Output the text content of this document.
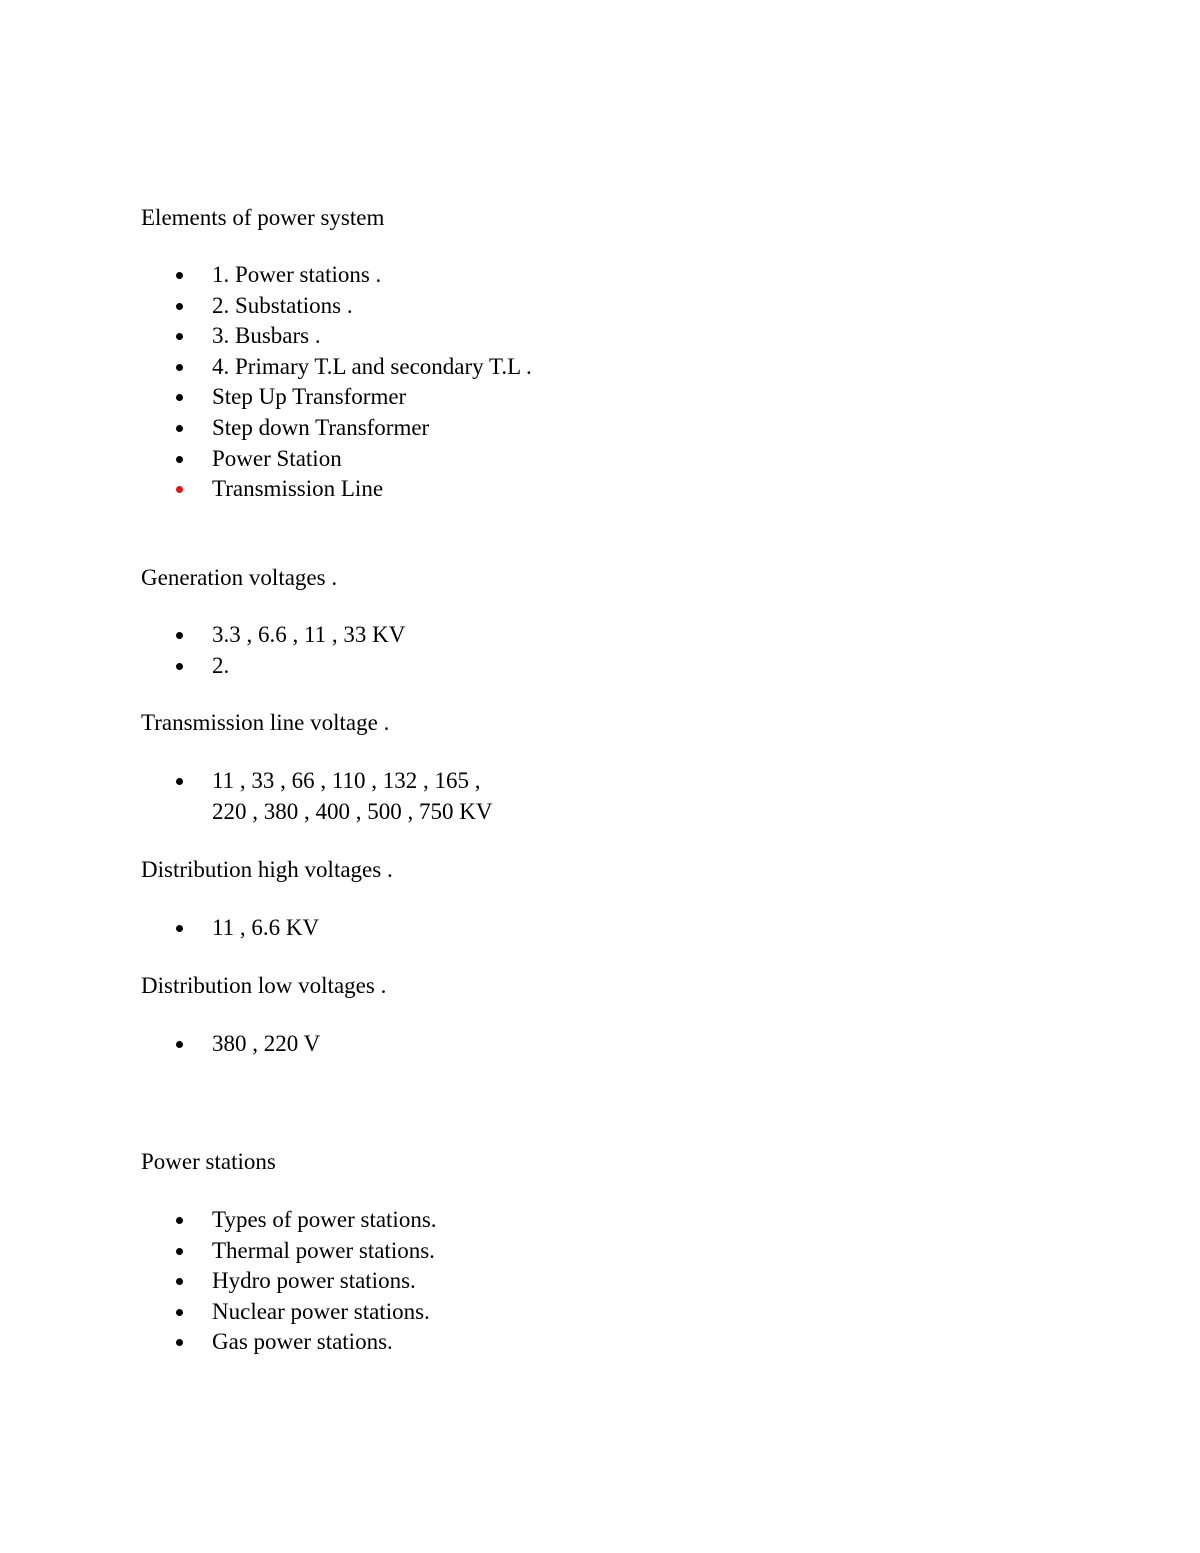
Elements of power system
1. Power stations .
2. Substations .
3. Busbars .
4. Primary T.L and secondary T.L .
Step Up Transformer
Step down Transformer
Power Station
Transmission Line
Generation voltages .
3.3 , 6.6 , 11 , 33 KV
2.
Transmission line voltage .
11 , 33 , 66 , 110 , 132 , 165 ,
220 , 380 , 400 , 500 , 750 KV
Distribution high voltages .
11 , 6.6 KV
Distribution low voltages .
380 , 220 V
Power stations
Types of power stations.
Thermal power stations.
Hydro power stations.
Nuclear power stations.
Gas power stations.
